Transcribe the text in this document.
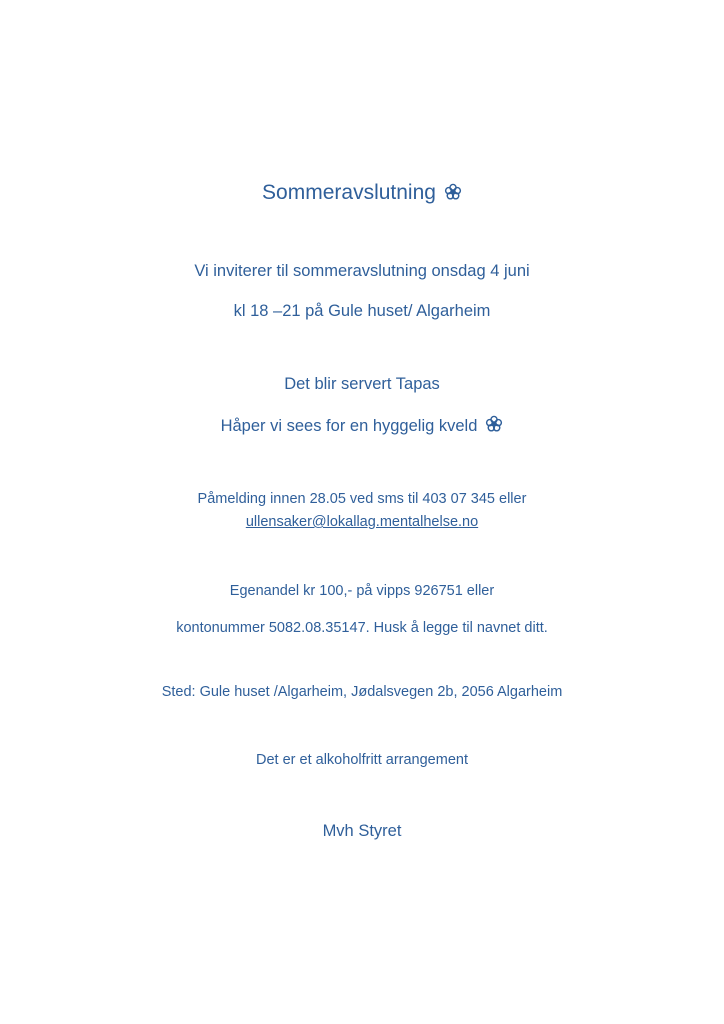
Sommeravslutning
Vi inviterer til sommeravslutning onsdag 4 juni
kl 18 –21 på Gule huset/ Algarheim
Det blir servert Tapas
Håper vi sees for en hyggelig kveld
Påmelding innen 28.05 ved sms til 403 07 345 eller
ullensaker@lokallag.mentalhelse.no
Egenandel kr 100,- på vipps 926751 eller
kontonummer 5082.08.35147. Husk å legge til navnet ditt.
Sted: Gule huset /Algarheim, Jødalsvegen 2b, 2056 Algarheim
Det er et alkoholfritt arrangement
Mvh Styret
